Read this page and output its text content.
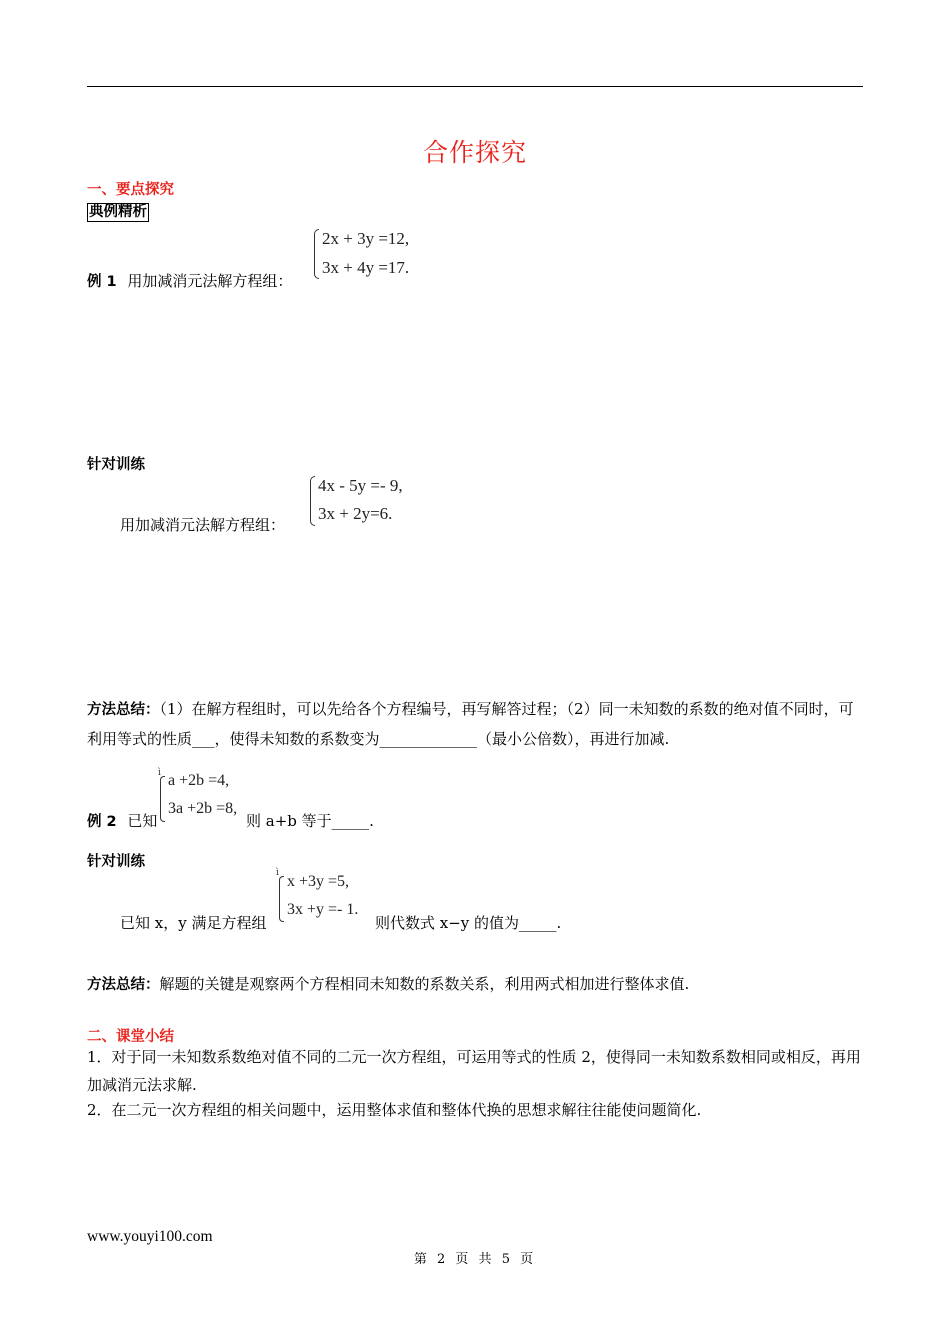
合作探究
一、要点探究
典例精析
例 1 用加减消元法解方程组：
2x + 3y =12,
3x + 4y =17.
针对训练
用加减消元法解方程组：
4x - 5y =- 9,
3x + 2y=6.
方法总结：（1）在解方程组时，可以先给各个方程编号，再写解答过程；（2）同一未知数的系数的绝对值不同时，可利用等式的性质___，使得未知数的系数变为_____________（最小公倍数），再进行加减.
ì a +2b =4,
3a +2b =8,
例 2 已知	则 a+b 等于_____.
针对训练
已知 x，y 满足方程组
ì x +3y =5,
3x +y =- 1.
则代数式 x−y 的值为_____.
方法总结：解题的关键是观察两个方程相同未知数的系数关系，利用两式相加进行整体求值.
二、课堂小结
1．对于同一未知数系数绝对值不同的二元一次方程组，可运用等式的性质 2，使得同一未知数系数相同或相反，再用加减消元法求解.
2．在二元一次方程组的相关问题中，运用整体求值和整体代换的思想求解往往能使问题简化.
www.youyi100.com
第 2 页 共 5 页
